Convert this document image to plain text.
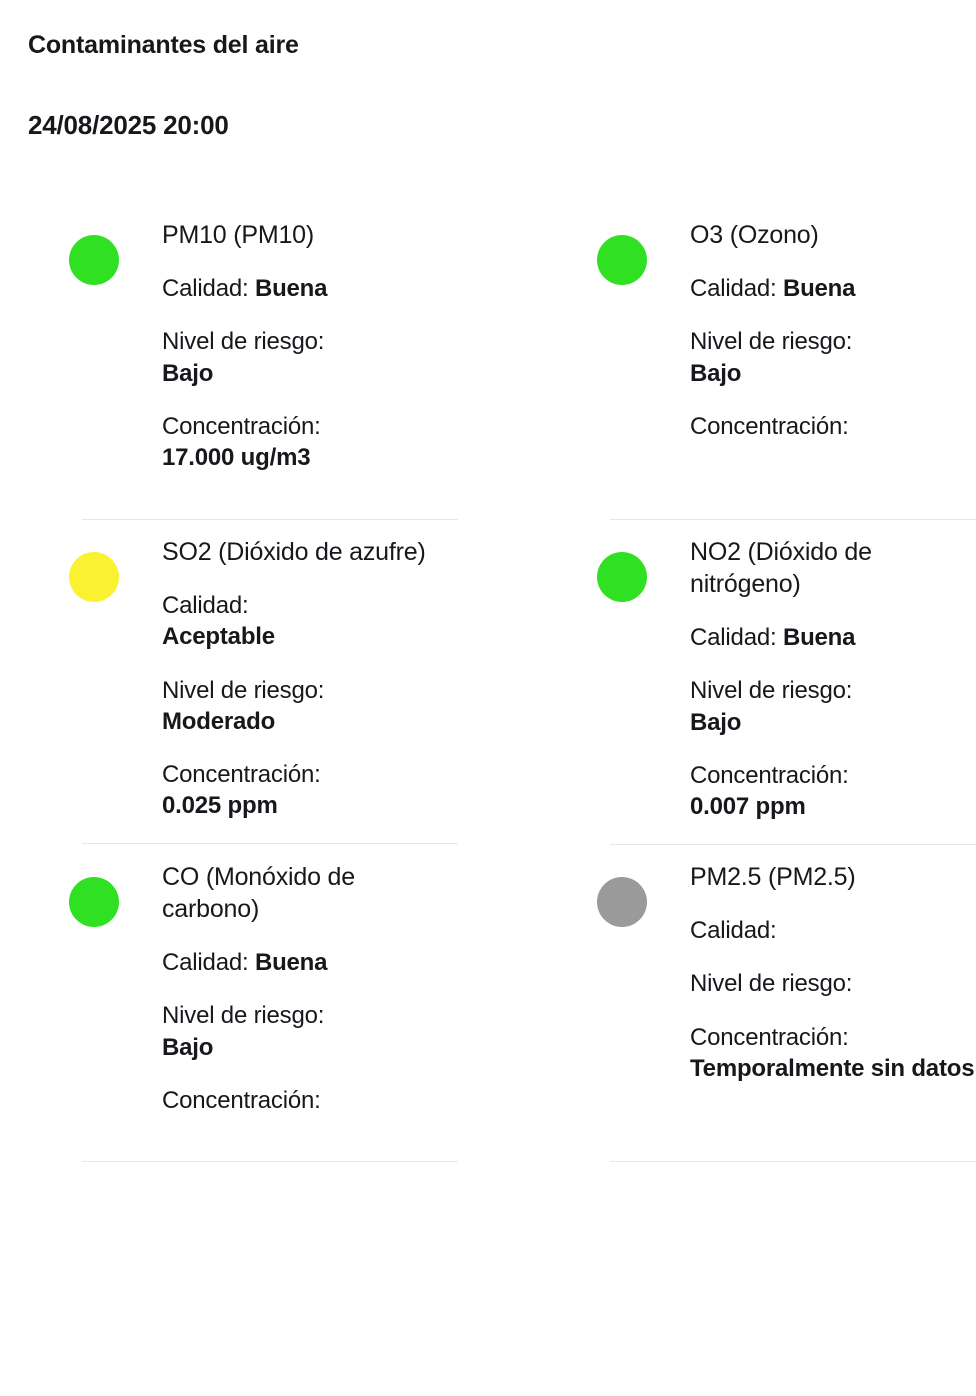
Contaminantes del aire
24/08/2025 20:00
PM10 (PM10)
Calidad: Buena
Nivel de riesgo:
Bajo
Concentración:
17.000 ug/m3
O3 (Ozono)
Calidad: Buena
Nivel de riesgo:
Bajo
Concentración:
SO2 (Dióxido de azufre)
Calidad:
Aceptable
Nivel de riesgo:
Moderado
Concentración:
0.025 ppm
NO2 (Dióxido de nitrógeno)
Calidad: Buena
Nivel de riesgo:
Bajo
Concentración:
0.007 ppm
CO (Monóxido de carbono)
Calidad: Buena
Nivel de riesgo:
Bajo
Concentración:
PM2.5 (PM2.5)
Calidad:
Nivel de riesgo:
Concentración:
Temporalmente sin datos
